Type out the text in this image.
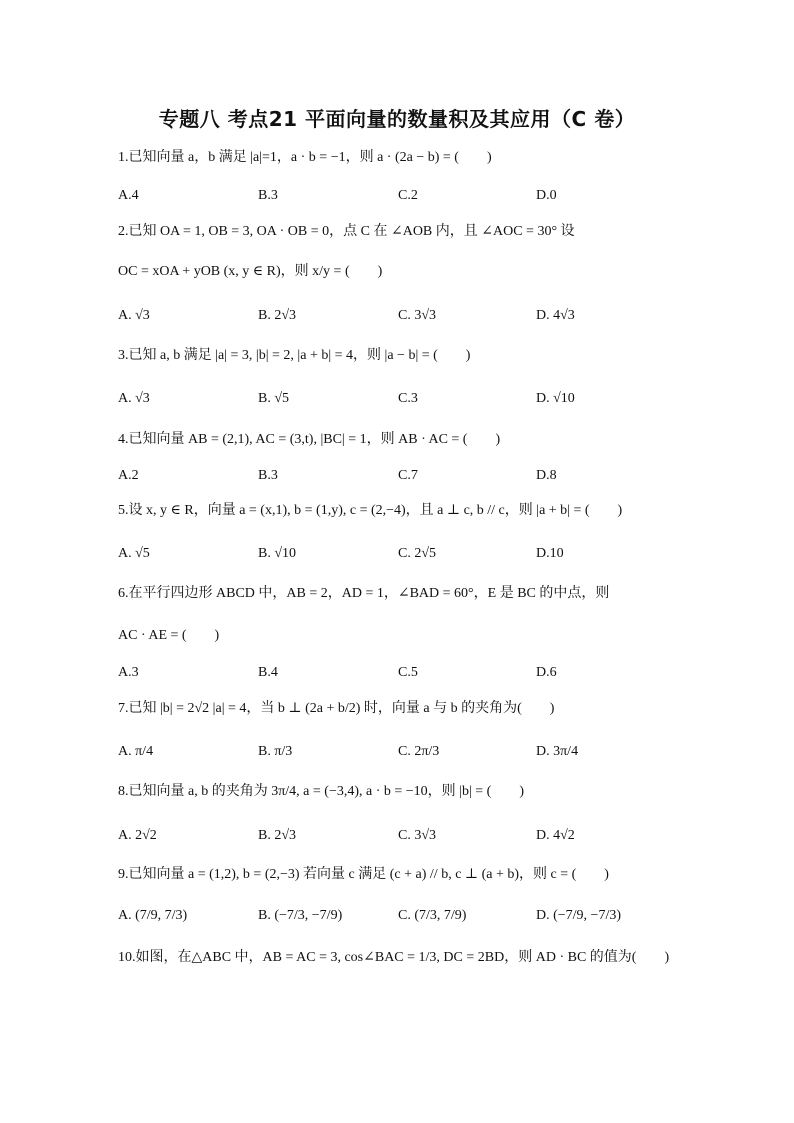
专题八 考点21 平面向量的数量积及其应用（C 卷）
1.已知向量 a，b 满足 |a|=1，a · b = −1，则 a · (2a − b) = (　　)
A.4	B.3	C.2	D.0
2.已知 OA = 1, OB = 3, OA · OB = 0，点 C 在 ∠AOB 内，且 ∠AOC = 30° 设
OC = xOA + yOB (x, y ∈ R)，则 x/y = (　　)
A. √3	B. 2√3	C. 3√3	D. 4√3
3.已知 a, b 满足 |a| = 3, |b| = 2, |a + b| = 4，则 |a − b| = (　　)
A. √3	B. √5	C.3	D. √10
4.已知向量 AB = (2,1), AC = (3,t), |BC| = 1，则 AB · AC = (　　)
A.2	B.3	C.7	D.8
5.设 x, y ∈ R，向量 a = (x,1), b = (1,y), c = (2,−4)，且 a ⊥ c, b // c，则 |a + b| = (　　)
A. √5	B. √10	C. 2√5	D.10
6.在平行四边形 ABCD 中，AB = 2，AD = 1，∠BAD = 60°，E 是 BC 的中点，则
AC · AE = (　　)
A.3	B.4	C.5	D.6
7.已知 |b| = 2√2 |a| = 4，当 b ⊥ (2a + b/2) 时，向量 a 与 b 的夹角为(　　)
A. π/4	B. π/3	C. 2π/3	D. 3π/4
8.已知向量 a, b 的夹角为 3π/4, a = (−3,4), a · b = −10，则 |b| = (　　)
A. 2√2	B. 2√3	C. 3√3	D. 4√2
9.已知向量 a = (1,2), b = (2,−3) 若向量 c 满足 (c + a) // b, c ⊥ (a + b)，则 c = (　　)
A. (7/9, 7/3)	B. (−7/3, −7/9)	C. (7/3, 7/9)	D. (−7/9, −7/3)
10.如图，在△ABC 中，AB = AC = 3, cos∠BAC = 1/3, DC = 2BD，则 AD · BC 的值为(　　)
